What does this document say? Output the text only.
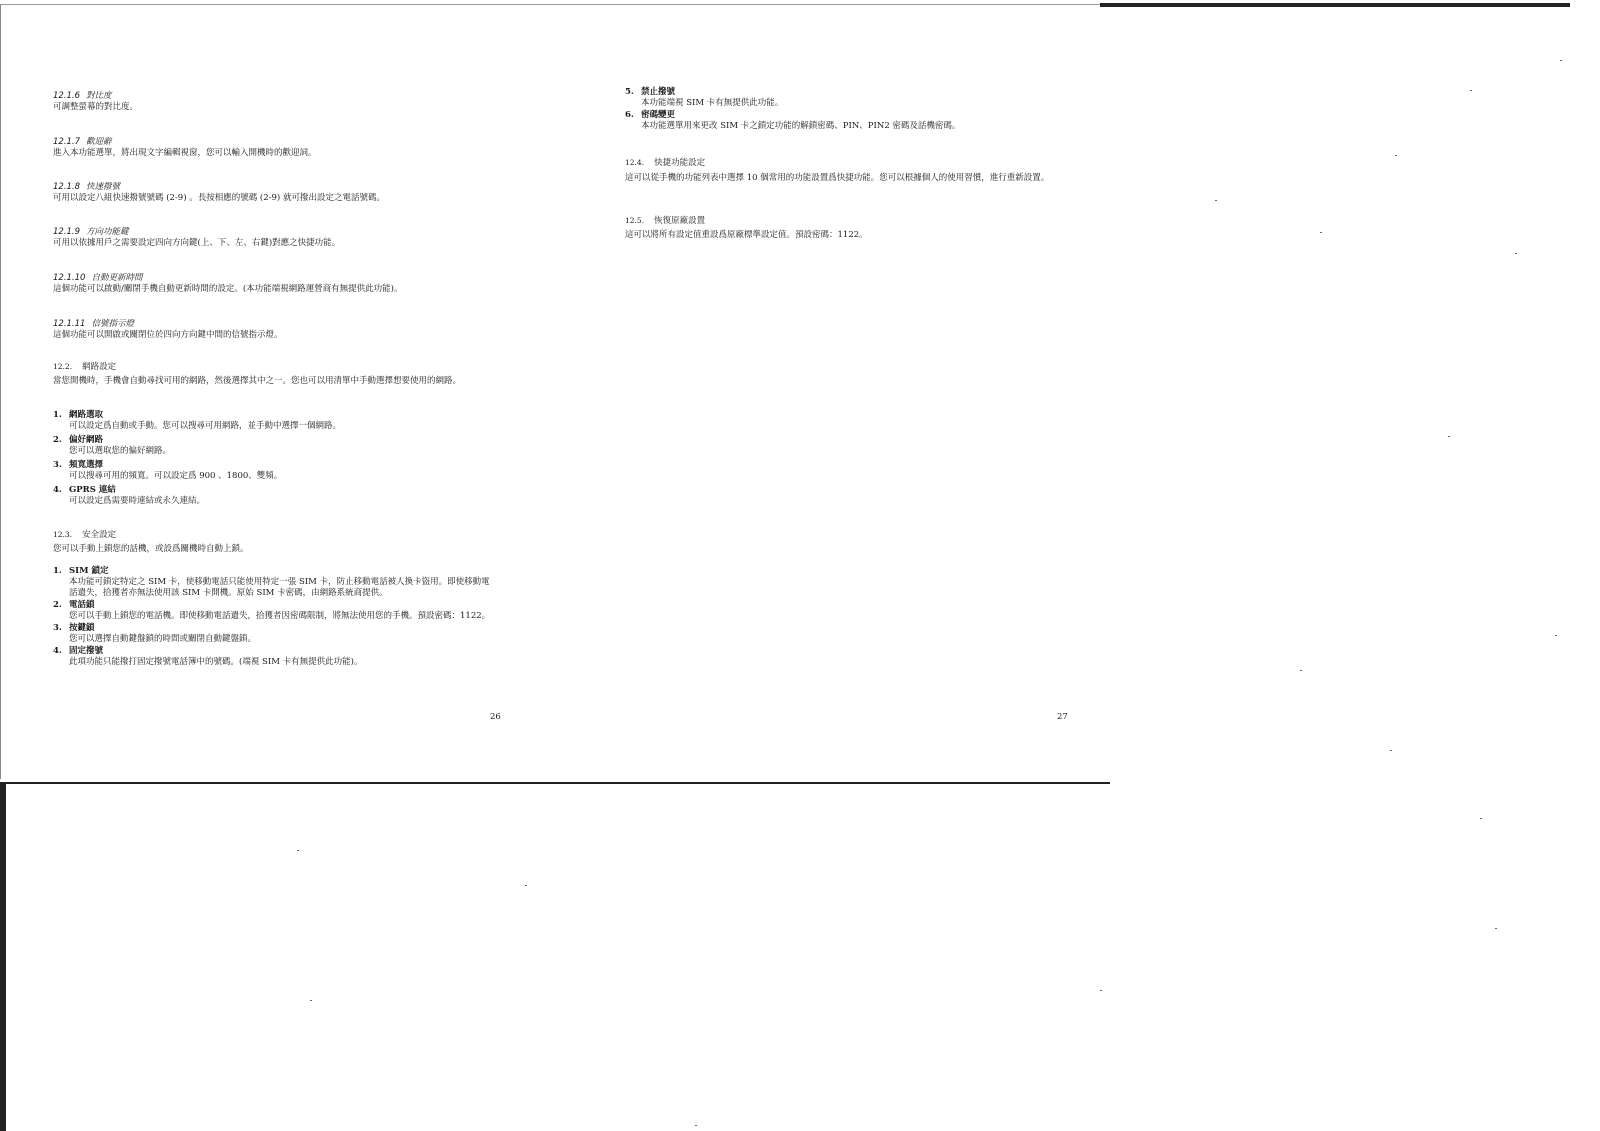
12.1.6 對比度

可調整螢幕的對比度。

12.1.7 歡迎辭

進入本功能選單，將出現文字編輯視窗，您可以輸入開機時的歡迎詞。

12.1.8 快速撥號

可用以設定八組快速撥號號碼 (2-9) 。長按相應的號碼 (2-9) 就可撥出設定之電話號碼。

12.1.9 方向功能鍵

可用以依據用戶之需要設定四向方向鍵(上、下、左、右鍵)對應之快捷功能。

12.1.10 自動更新時間

這個功能可以啟動/關閉手機自動更新時間的設定。(本功能端視網路運營商有無提供此功能)。

12.1.11 信號指示燈

這個功能可以開啟或關閉位於四向方向鍵中間的信號指示燈。

12.2. 網路設定

當您開機時，手機會自動尋找可用的網路，然後選擇其中之一。您也可以用清單中手動選擇想要使用的網路。

1. 網路選取

可以設定爲自動或手動。您可以搜尋可用網路，並手動中選擇一個網路。

2. 偏好網路

您可以選取您的偏好網路。

3. 頻寬選擇

可以搜尋可用的頻寬。可以設定爲 900 、1800、雙頻。

4. GPRS 連結

可以設定爲需要時連結或永久連結。

12.3. 安全設定

您可以手動上鎖您的話機，或設爲關機時自動上鎖。

1. SIM 鎖定

本功能可鎖定特定之 SIM 卡，使移動電話只能使用特定一張 SIM 卡，防止移動電話被人換卡盜用。即使移動電話遺失，拾獲者亦無法使用該 SIM 卡開機。原始 SIM 卡密碼，由網路系統商提供。

2. 電話鎖

您可以手動上鎖您的電話機。即使移動電話遺失，拾獲者因密碼限制，將無法使用您的手機。預設密碼：1122。

3. 按鍵鎖

您可以選擇自動鍵盤鎖的時間或關閉自動鍵盤鎖。

4. 固定撥號

此項功能只能撥打固定撥號電話簿中的號碼。(端視 SIM 卡有無提供此功能)。

26
5. 禁止撥號

本功能端視 SIM 卡有無提供此功能。

6. 密碼變更

本功能選單用來更改 SIM 卡之鎖定功能的解鎖密碼、PIN、PIN2 密碼及話機密碼。

12.4. 快捷功能設定

這可以從手機的功能列表中選擇 10 個常用的功能設置爲快捷功能。您可以根據個人的使用習慣，進行重新設置。

12.5. 恢復原廠設置

這可以將所有設定值重設爲原廠標準設定值。預設密碼：1122。

27
